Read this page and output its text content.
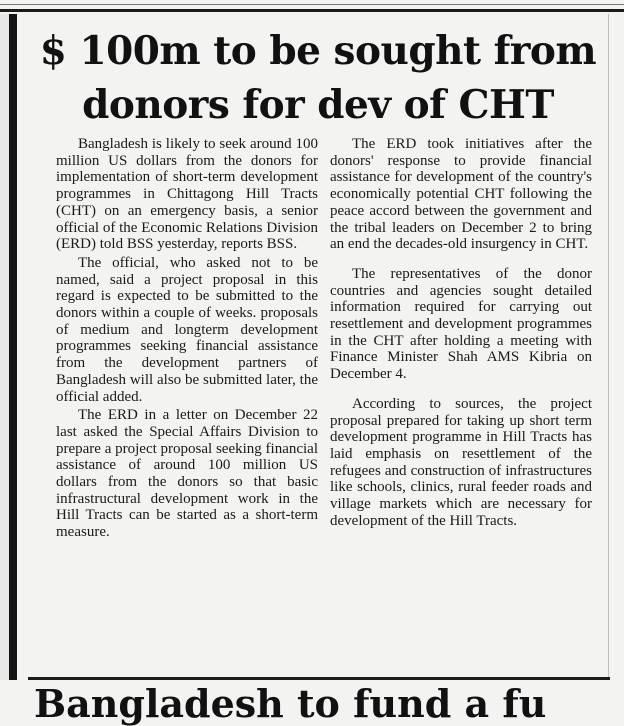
$ 100m to be sought from
donors for dev of CHT

Bangladesh is likely to seek around 100 million US dollars from the donors for implementation of short-term development programmes in Chittagong Hill Tracts (CHT) on an emergency basis, a senior official of the Economic Relations Division (ERD) told BSS yesterday, reports BSS.

The official, who asked not to be named, said a project proposal in this regard is expected to be submitted to the donors within a couple of weeks. proposals of medium and longterm development programmes seeking financial assistance from the development partners of Bangladesh will also be submitted later, the official added.

The ERD in a letter on December 22 last asked the Special Affairs Division to prepare a project proposal seeking financial assistance of around 100 million US dollars from the donors so that basic infrastructural development work in the Hill Tracts can be started as a short-term measure.

The ERD took initiatives after the donors' response to provide financial assistance for development of the country's economically potential CHT following the peace accord between the government and the tribal leaders on December 2 to bring an end the decades-old insurgency in CHT.

The representatives of the donor countries and agencies sought detailed information required for carrying out resettlement and development programmes in the CHT after holding a meeting with Finance Minister Shah AMS Kibria on December 4.

According to sources, the project proposal prepared for taking up short term development programme in Hill Tracts has laid emphasis on resettlement of the refugees and construction of infrastructures like schools, clinics, rural feeder roads and village markets which are necessary for development of the Hill Tracts.

Bangladesh to fund a fu
